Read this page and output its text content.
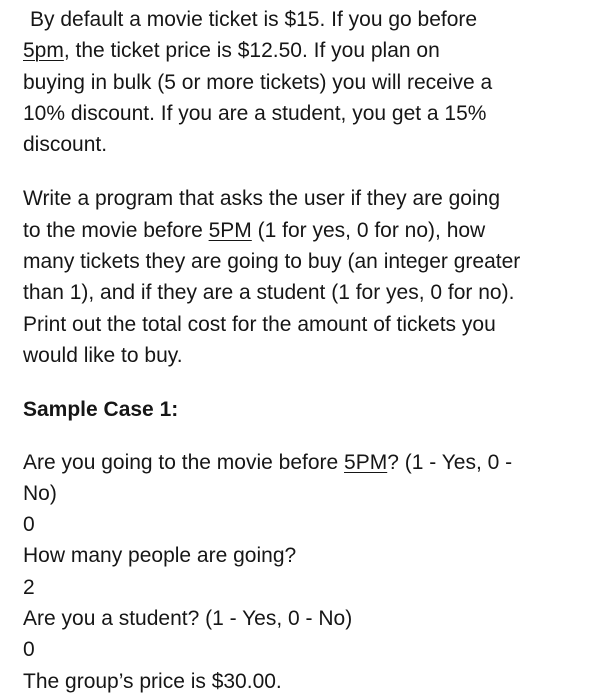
By default a movie ticket is $15. If you go before
5pm, the ticket price is $12.50. If you plan on
buying in bulk (5 or more tickets) you will receive a
10% discount. If you are a student, you get a 15%
discount.
Write a program that asks the user if they are going
to the movie before 5PM (1 for yes, 0 for no), how
many tickets they are going to buy (an integer greater
than 1), and if they are a student (1 for yes, 0 for no).
Print out the total cost for the amount of tickets you
would like to buy.
Sample Case 1:
Are you going to the movie before 5PM? (1 - Yes, 0 -
No)
0
How many people are going?
2
Are you a student? (1 - Yes, 0 - No)
0
The group’s price is $30.00.
